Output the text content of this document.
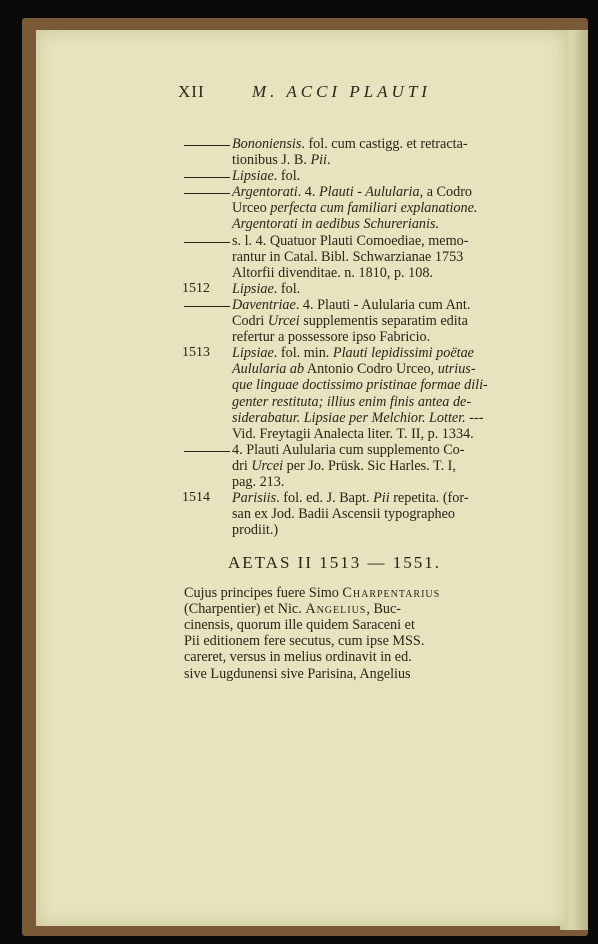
XII	M. ACCI PLAUTI
Bononiensis. fol. cum castigg. et retracta-
tionibus J. B. Pii.
Lipsiae. fol.
Argentorati. 4. Plauti - Aulularia, a Codro
Urceo perfecta cum familiari explanatione.
Argentorati in aedibus Schurerianis.
s. l. 4. Quatuor Plauti Comoediae, memo-
rantur in Catal. Bibl. Schwarzianae 1753
Altorfii divenditae. n. 1810, p. 108.
1512 Lipsiae. fol.
Daventriae. 4. Plauti - Aulularia cum Ant.
Codri Urcei supplementis separatim edita
refertur a possessore ipso Fabricio.
1513 Lipsiae. fol. min. Plauti lepidissimi poëtae
Aulularia ab Antonio Codro Urceo, utrius-
que linguae doctissimo pristinae formae dili-
genter restituta; illius enim finis antea de-
siderabatur. Lipsiae per Melchior. Lotter. ---
Vid. Freytagii Analecta liter. T. II, p. 1334.
4. Plauti Aulularia cum supplemento Co-
dri Urcei per Jo. Prüsk. Sic Harles. T. I,
pag. 213.
1514 Parisiis. fol. ed. J. Bapt. Pii repetita. (for-
san ex Jod. Badii Ascensii typographeo
prodiit.)
AETAS II 1513 — 1551.
Cujus principes fuere Simo Charpentarius
(Charpentier) et Nic. Angelius, Buc-
cinensis, quorum ille quidem Saraceni et
Pii editionem fere secutus, cum ipse MSS.
careret, versus in melius ordinavit in ed.
sive Lugdunensi sive Parisina, Angelius
